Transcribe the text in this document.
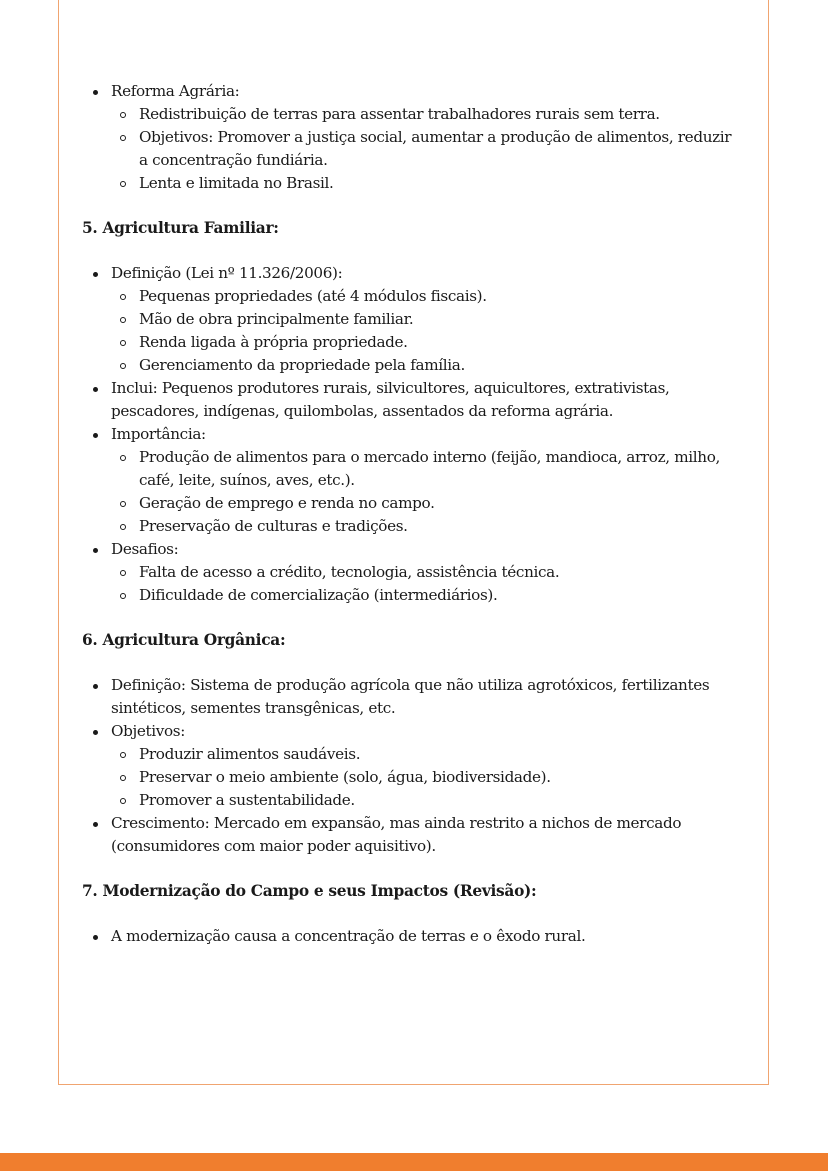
Reforma Agrária:
Redistribuição de terras para assentar trabalhadores rurais sem terra.
Objetivos: Promover a justiça social, aumentar a produção de alimentos, reduzir a concentração fundiária.
Lenta e limitada no Brasil.
5. Agricultura Familiar:
Definição (Lei nº 11.326/2006):
Pequenas propriedades (até 4 módulos fiscais).
Mão de obra principalmente familiar.
Renda ligada à própria propriedade.
Gerenciamento da propriedade pela família.
Inclui: Pequenos produtores rurais, silvicultores, aquicultores, extrativistas, pescadores, indígenas, quilombolas, assentados da reforma agrária.
Importância:
Produção de alimentos para o mercado interno (feijão, mandioca, arroz, milho, café, leite, suínos, aves, etc.).
Geração de emprego e renda no campo.
Preservação de culturas e tradições.
Desafios:
Falta de acesso a crédito, tecnologia, assistência técnica.
Dificuldade de comercialização (intermediários).
6. Agricultura Orgânica:
Definição: Sistema de produção agrícola que não utiliza agrotóxicos, fertilizantes sintéticos, sementes transgênicas, etc.
Objetivos:
Produzir alimentos saudáveis.
Preservar o meio ambiente (solo, água, biodiversidade).
Promover a sustentabilidade.
Crescimento: Mercado em expansão, mas ainda restrito a nichos de mercado (consumidores com maior poder aquisitivo).
7. Modernização do Campo e seus Impactos (Revisão):
A modernização causa a concentração de terras e o êxodo rural.
